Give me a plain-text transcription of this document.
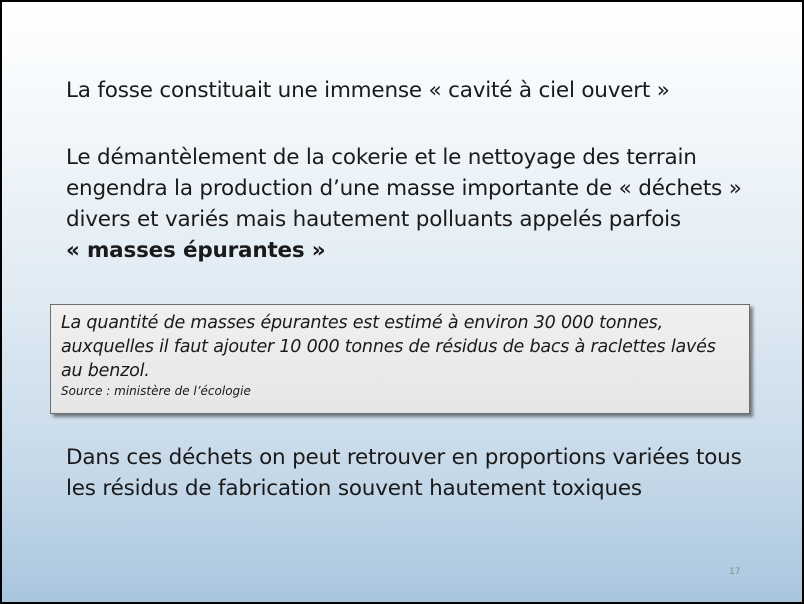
La fosse constituait une immense « cavité à ciel ouvert »

Le démantèlement de la cokerie et le nettoyage des terrain engendra la production d’une masse importante de « déchets » divers et variés mais hautement polluants appelés parfois
« masses épurantes »

La quantité de masses épurantes est estimé à environ 30 000 tonnes, auxquelles il faut ajouter 10 000 tonnes de résidus de bacs à raclettes lavés au benzol.

Source : ministère de l’écologie

Dans ces déchets on peut retrouver en proportions variées tous les résidus de fabrication souvent hautement toxiques

17
